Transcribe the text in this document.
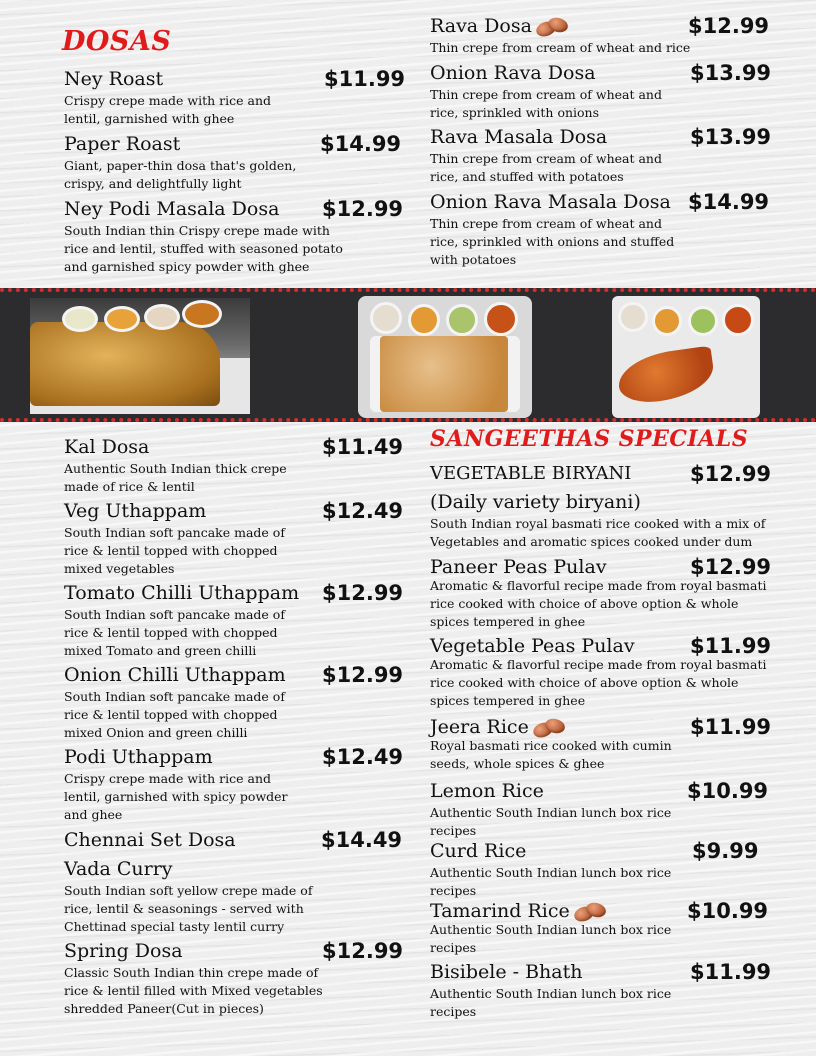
DOSAS
Ney Roast	$11.99
Crispy crepe made with rice and
lentil, garnished with ghee
Paper Roast	$14.99
Giant, paper-thin dosa that's golden,
crispy, and delightfully light
Ney Podi Masala Dosa	$12.99
South Indian thin Crispy crepe made with
rice and lentil, stuffed with seasoned potato
and garnished spicy powder with ghee
Rava Dosa	$12.99
Thin crepe from cream of wheat and rice
Onion Rava Dosa	$13.99
Thin crepe from cream of wheat and
rice, sprinkled with onions
Rava Masala Dosa	$13.99
Thin crepe from cream of wheat and
rice, and stuffed with potatoes
Onion Rava Masala Dosa $14.99
Thin crepe from cream of wheat and
rice, sprinkled with onions and stuffed
with potatoes
Kal Dosa	$11.49
Authentic South Indian thick crepe
made of rice & lentil
Veg Uthappam	$12.49
South Indian soft pancake made of
rice & lentil topped with chopped
mixed vegetables
Tomato Chilli Uthappam	$12.99
South Indian soft pancake made of
rice & lentil topped with chopped
mixed Tomato and green chilli
Onion Chilli Uthappam	$12.99
South Indian soft pancake made of
rice & lentil topped with chopped
mixed Onion and green chilli
Podi Uthappam	$12.49
Crispy crepe made with rice and
lentil, garnished with spicy powder
and ghee
Chennai Set Dosa	$14.49
Vada Curry
South Indian soft yellow crepe made of
rice, lentil & seasonings - served with
Chettinad special tasty lentil curry
Spring Dosa	$12.99
Classic South Indian thin crepe made of
rice & lentil filled with Mixed vegetables
shredded Paneer(Cut in pieces)
SANGEETHAS SPECIALS
VEGETABLE BIRYANI	$12.99
(Daily variety biryani)
South Indian royal basmati rice cooked with a mix of
Vegetables and aromatic spices cooked under dum
Paneer Peas Pulav	$12.99
Aromatic & flavorful recipe made from royal basmati
rice cooked with choice of above option & whole
spices tempered in ghee
Vegetable Peas Pulav	$11.99
Aromatic & flavorful recipe made from royal basmati
rice cooked with choice of above option & whole
spices tempered in ghee
Jeera Rice	$11.99
Royal basmati rice cooked with cumin
seeds, whole spices & ghee
Lemon Rice	$10.99
Authentic South Indian lunch box rice
recipes
Curd Rice	$9.99
Authentic South Indian lunch box rice
recipes
Tamarind Rice	$10.99
Authentic South Indian lunch box rice
recipes
Bisibele - Bhath	$11.99
Authentic South Indian lunch box rice
recipes
